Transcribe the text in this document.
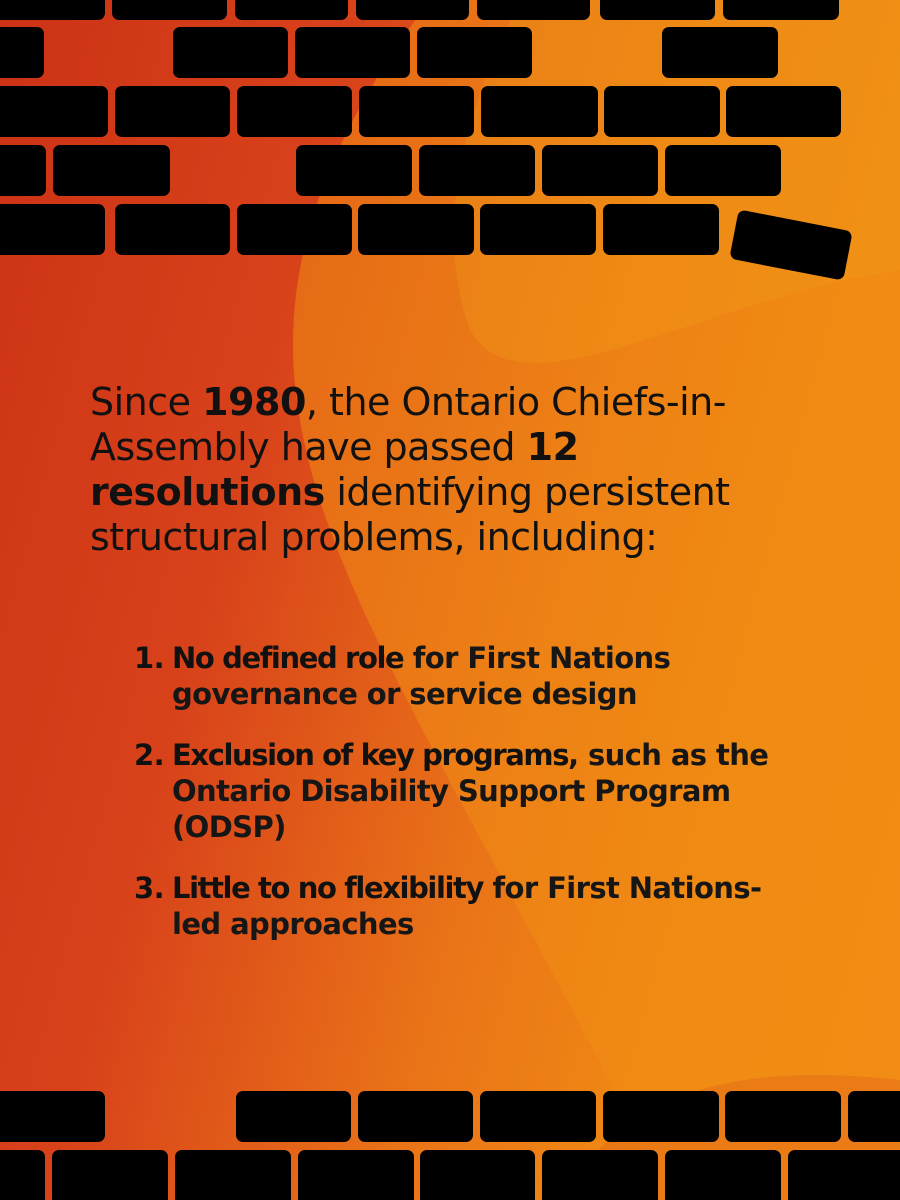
Since 1980, the Ontario Chiefs-in-Assembly have passed 12 resolutions identifying persistent structural problems, including:

1. No defined role for First Nations governance or service design
2. Exclusion of key programs, such as the Ontario Disability Support Program (ODSP)
3. Little to no flexibility for First Nations-led approaches
